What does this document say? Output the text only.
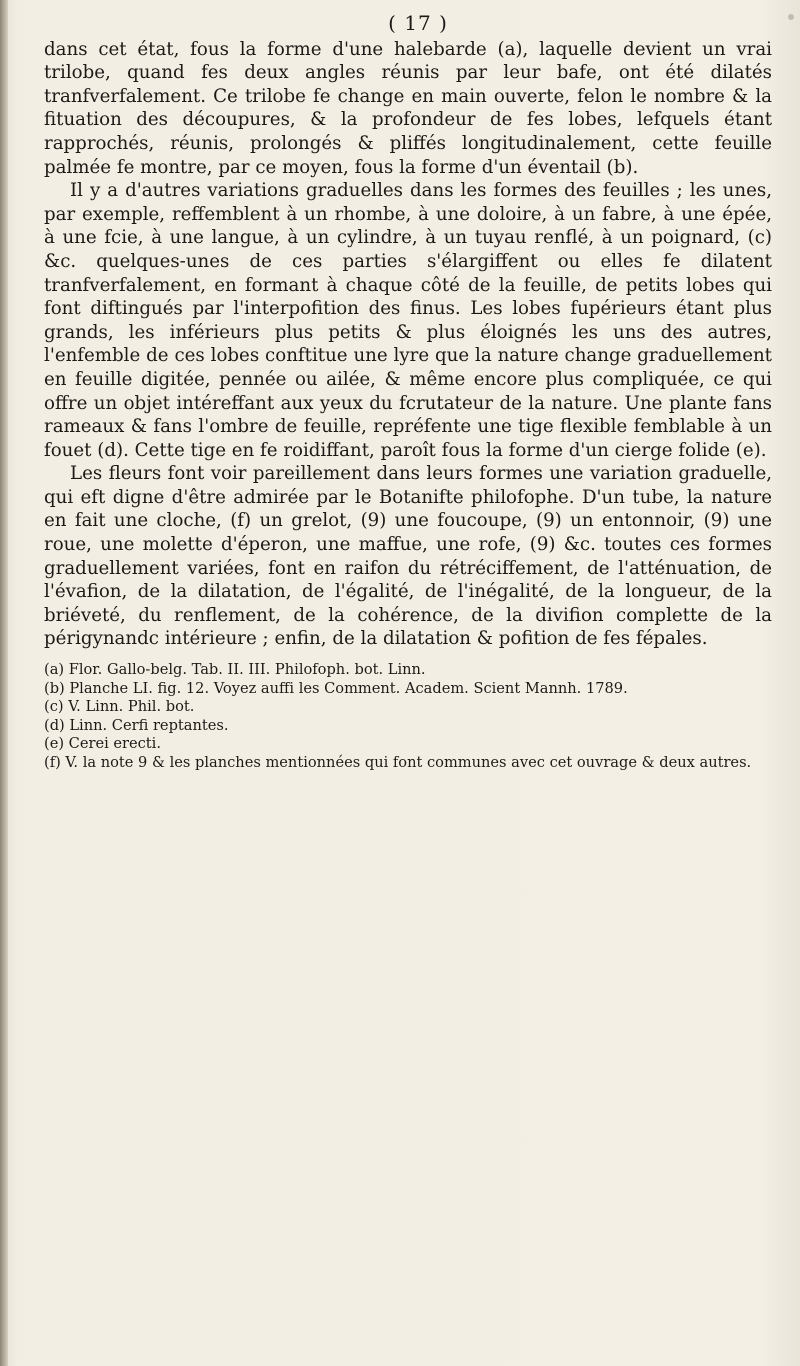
( 17 )

dans cet état, fous la forme d'une halebarde (a), laquelle devient un vrai trilobe, quand fes deux angles réunis par leur bafe, ont été dilatés tranfverfalement. Ce trilobe fe change en main ouverte, felon le nombre & la fituation des découpures, & la profondeur de fes lobes, lefquels étant rapprochés, réunis, prolongés & pliffés longitudinalement, cette feuille palmée fe montre, par ce moyen, fous la forme d'un éventail (b).

Il y a d'autres variations graduelles dans les formes des feuilles ; les unes, par exemple, reffemblent à un rhombe, à une doloire, à un fabre, à une épée, à une fcie, à une langue, à un cylindre, à un tuyau renflé, à un poignard, (c) &c. quelques-unes de ces parties s'élargiffent ou elles fe dilatent tranfverfalement, en formant à chaque côté de la feuille, de petits lobes qui font diftingués par l'interpofition des finus. Les lobes fupérieurs étant plus grands, les inférieurs plus petits & plus éloignés les uns des autres, l'enfemble de ces lobes conftitue une lyre que la nature change graduellement en feuille digitée, pennée ou ailée, & même encore plus compliquée, ce qui offre un objet intéreffant aux yeux du fcrutateur de la nature. Une plante fans rameaux & fans l'ombre de feuille, repréfente une tige flexible femblable à un fouet (d). Cette tige en fe roidiffant, paroît fous la forme d'un cierge folide (e).

Les fleurs font voir pareillement dans leurs formes une variation graduelle, qui eft digne d'être admirée par le Botanifte philofophe. D'un tube, la nature en fait une cloche, (f) un grelot, (9) une foucoupe, (9) un entonnoir, (9) une roue, une molette d'éperon, une maffue, une rofe, (9) &c. toutes ces formes graduellement variées, font en raifon du rétréciffement, de l'atténuation, de l'évafion, de la dilatation, de l'égalité, de l'inégalité, de la longueur, de la briéveté, du renflement, de la cohérence, de la divifion complette de la périgynandc intérieure ; enfin, de la dilatation & pofition de fes fépales.

(a) Flor. Gallo-belg. Tab. II. III. Philofoph. bot. Linn.

(b) Planche LI. fig. 12. Voyez auffi les Comment. Academ. Scient Mannh. 1789.

(c) V. Linn. Phil. bot.

(d) Linn. Cerfi reptantes.

(e) Cerei erecti.

(f) V. la note 9 & les planches mentionnées qui font communes avec cet ouvrage & deux autres.
